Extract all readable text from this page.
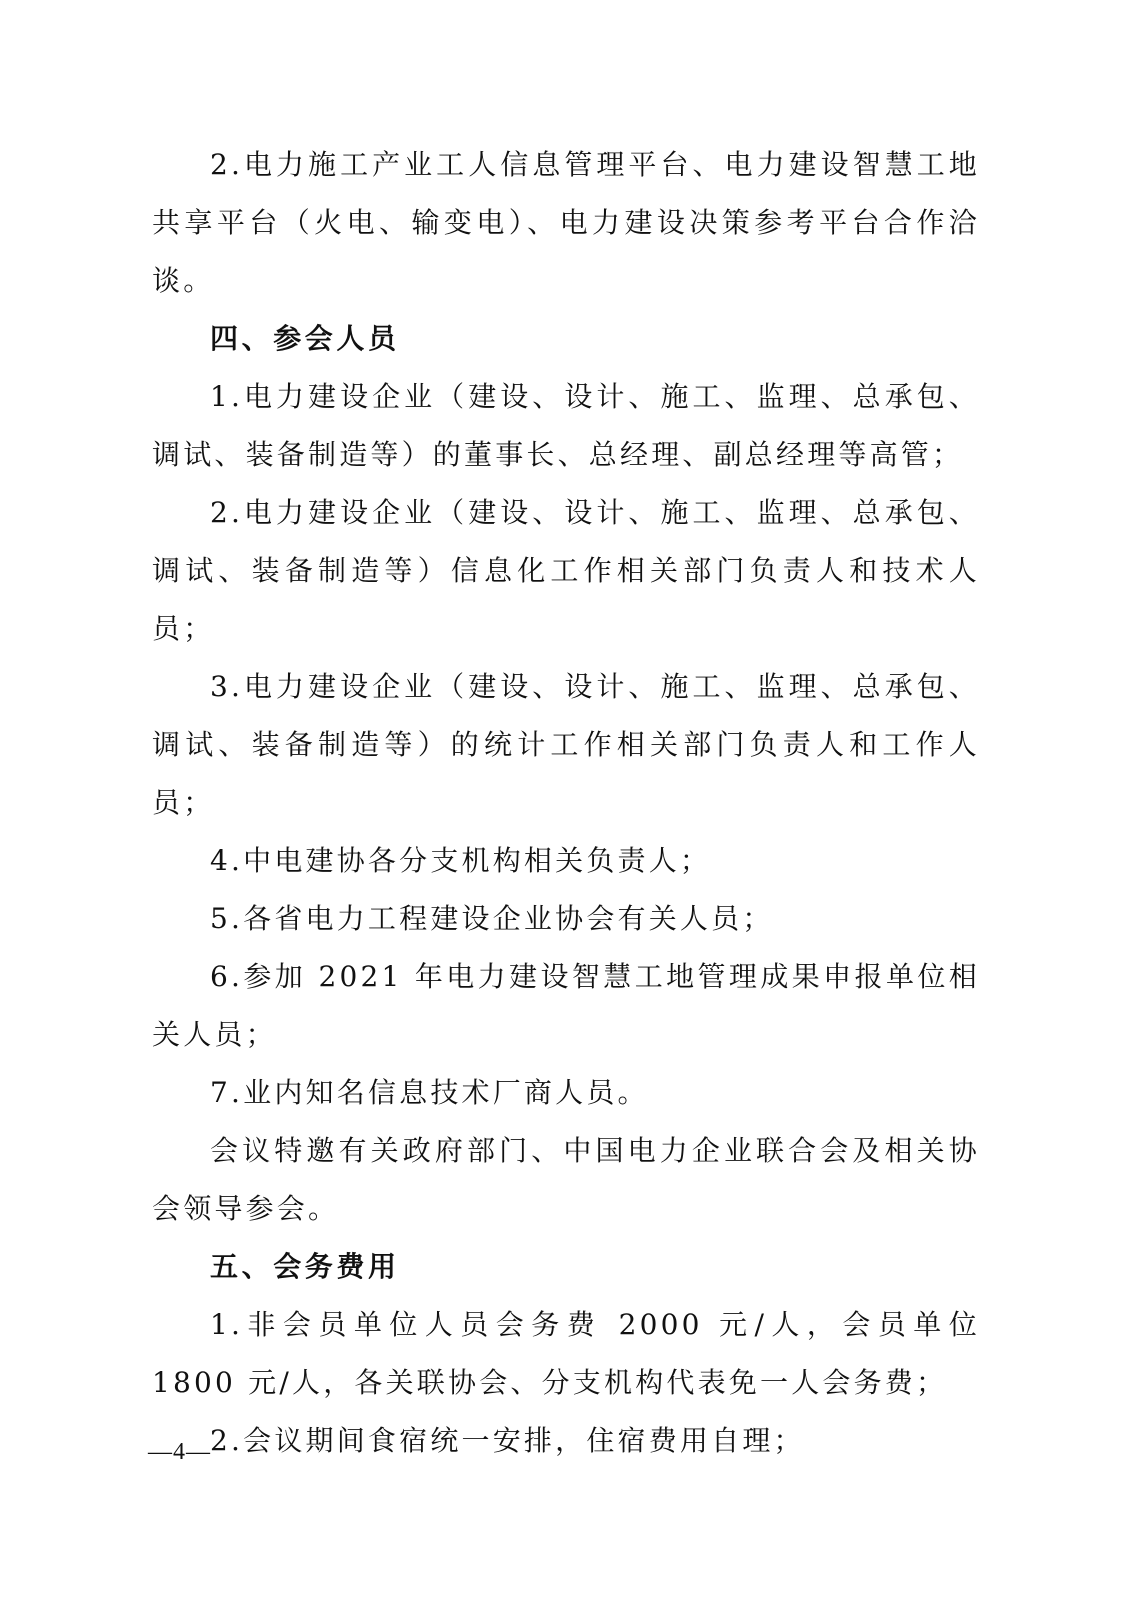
2.电力施工产业工人信息管理平台、电力建设智慧工地共享平台（火电、输变电）、电力建设决策参考平台合作洽谈。

四、参会人员

1.电力建设企业（建设、设计、施工、监理、总承包、调试、装备制造等）的董事长、总经理、副总经理等高管；

2.电力建设企业（建设、设计、施工、监理、总承包、调试、装备制造等）信息化工作相关部门负责人和技术人员；

3.电力建设企业（建设、设计、施工、监理、总承包、调试、装备制造等）的统计工作相关部门负责人和工作人员；

4.中电建协各分支机构相关负责人；

5.各省电力工程建设企业协会有关人员；

6.参加 2021 年电力建设智慧工地管理成果申报单位相关人员；

7.业内知名信息技术厂商人员。

会议特邀有关政府部门、中国电力企业联合会及相关协会领导参会。

五、会务费用

1.非会员单位人员会务费 2000 元/人，会员单位 1800 元/人，各关联协会、分支机构代表免一人会务费；

2.会议期间食宿统一安排，住宿费用自理；

—4—
